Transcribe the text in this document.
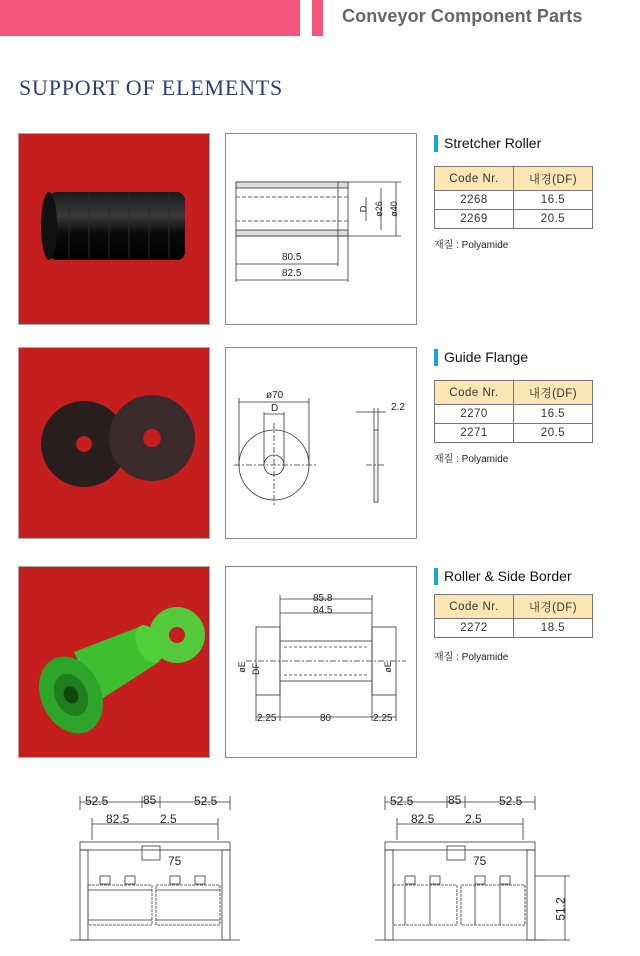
Conveyor Component Parts
SUPPORT OF ELEMENTS
80.5
82.5
D ø26 ø40
Stretcher Roller
Code Nr.	내경(DF)
2268	16.5
2269	20.5
재질 : Polyamide
ø70
D	2.2
Guide Flange
Code Nr.	내경(DF)
2270	16.5
2271	20.5
재질 : Polyamide
85.8
84.5
øE DF	øE
2.25	80	2.25
Roller & Side Border
Code Nr.	내경(DF)
2272	18.5
재질 : Polyamide
52.5	85	52.5
82.5	2.5
75
52.5	85	52.5
82.5	2.5
75
51.2
